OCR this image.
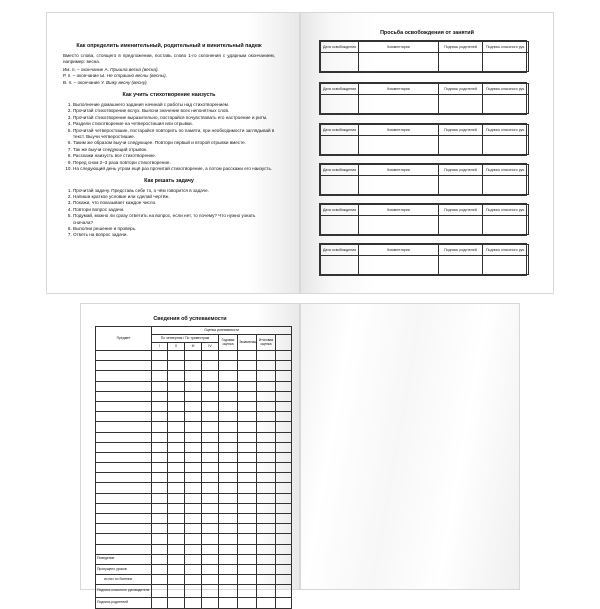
Как определить именительный, родительный и винительный падеж

Вместо слова, стоящего в предложении, поставь слово 1-го склонения с ударным окончанием, например: весна.

Им. п. – окончание А. Пришла весна (весна).
Р. п. – окончание Ы. Не страшно весны (весны).
В. п. – окончание У. Вижу весну (весну).
Как учить стихотворение наизусть
1. Выполнение домашнего задания начинай с работы над стихотворением.
2. Прочитай стихотворение вслух. Выясни значение всех непонятных слов.
3. Прочитай стихотворение выразительно, постарайся почувствовать его настроение и ритм.
4. Раздели стихотворение на четверостишия или отрывки.
5. Прочитай четверостишие, постарайся повторить по памяти, при необходимости заглядывай в текст. Выучи четверостишие.
6. Таким же образом выучи следующее. Повтори первый и второй отрывки вместе.
7. Так же выучи следующий отрывок.
8. Расскажи наизусть все стихотворение.
9. Перед сном 2–3 раза повтори стихотворение.
10. На следующий день утром ещё раз прочитай стихотворение, а потом расскажи его наизусть.
Как решать задачу
1. Прочитай задачу. Представь себе то, о чём говорится в задаче.
2. Напиши краткое условие или сделай чертёж.
3. Покажи, что показывает каждое число.
4. Повтори вопрос задачи.
5. Подумай, можно ли сразу ответить на вопрос, если нет, то почему? Что нужно узнать сначала?
6. Выполни решение и проверь.
7. Ответь на вопрос задачи.
Просьба освобождения от занятий
Дата освобождения	Комментарии	Подпись родителей	Подпись классного рук.

Дата освобождения	Комментарии	Подпись родителей	Подпись классного рук.

Дата освобождения	Комментарии	Подпись родителей	Подпись классного рук.

Дата освобождения	Комментарии	Подпись родителей	Подпись классного рук.

Дата освобождения	Комментарии	Подпись родителей	Подпись классного рук.

Дата освобождения	Комментарии	Подпись родителей	Подпись классного рук.

Сведения об успеваемости
Предмет	Оценка успеваемости							
	По четвертям / По триместрам				Годовая оценка	Экзаменац.	Итоговая оценка	
	I	II	III	IV				

Поведение								
Пропущено уроков								
из них по болезни								
Подпись классного руководителя								
Подпись родителей								
